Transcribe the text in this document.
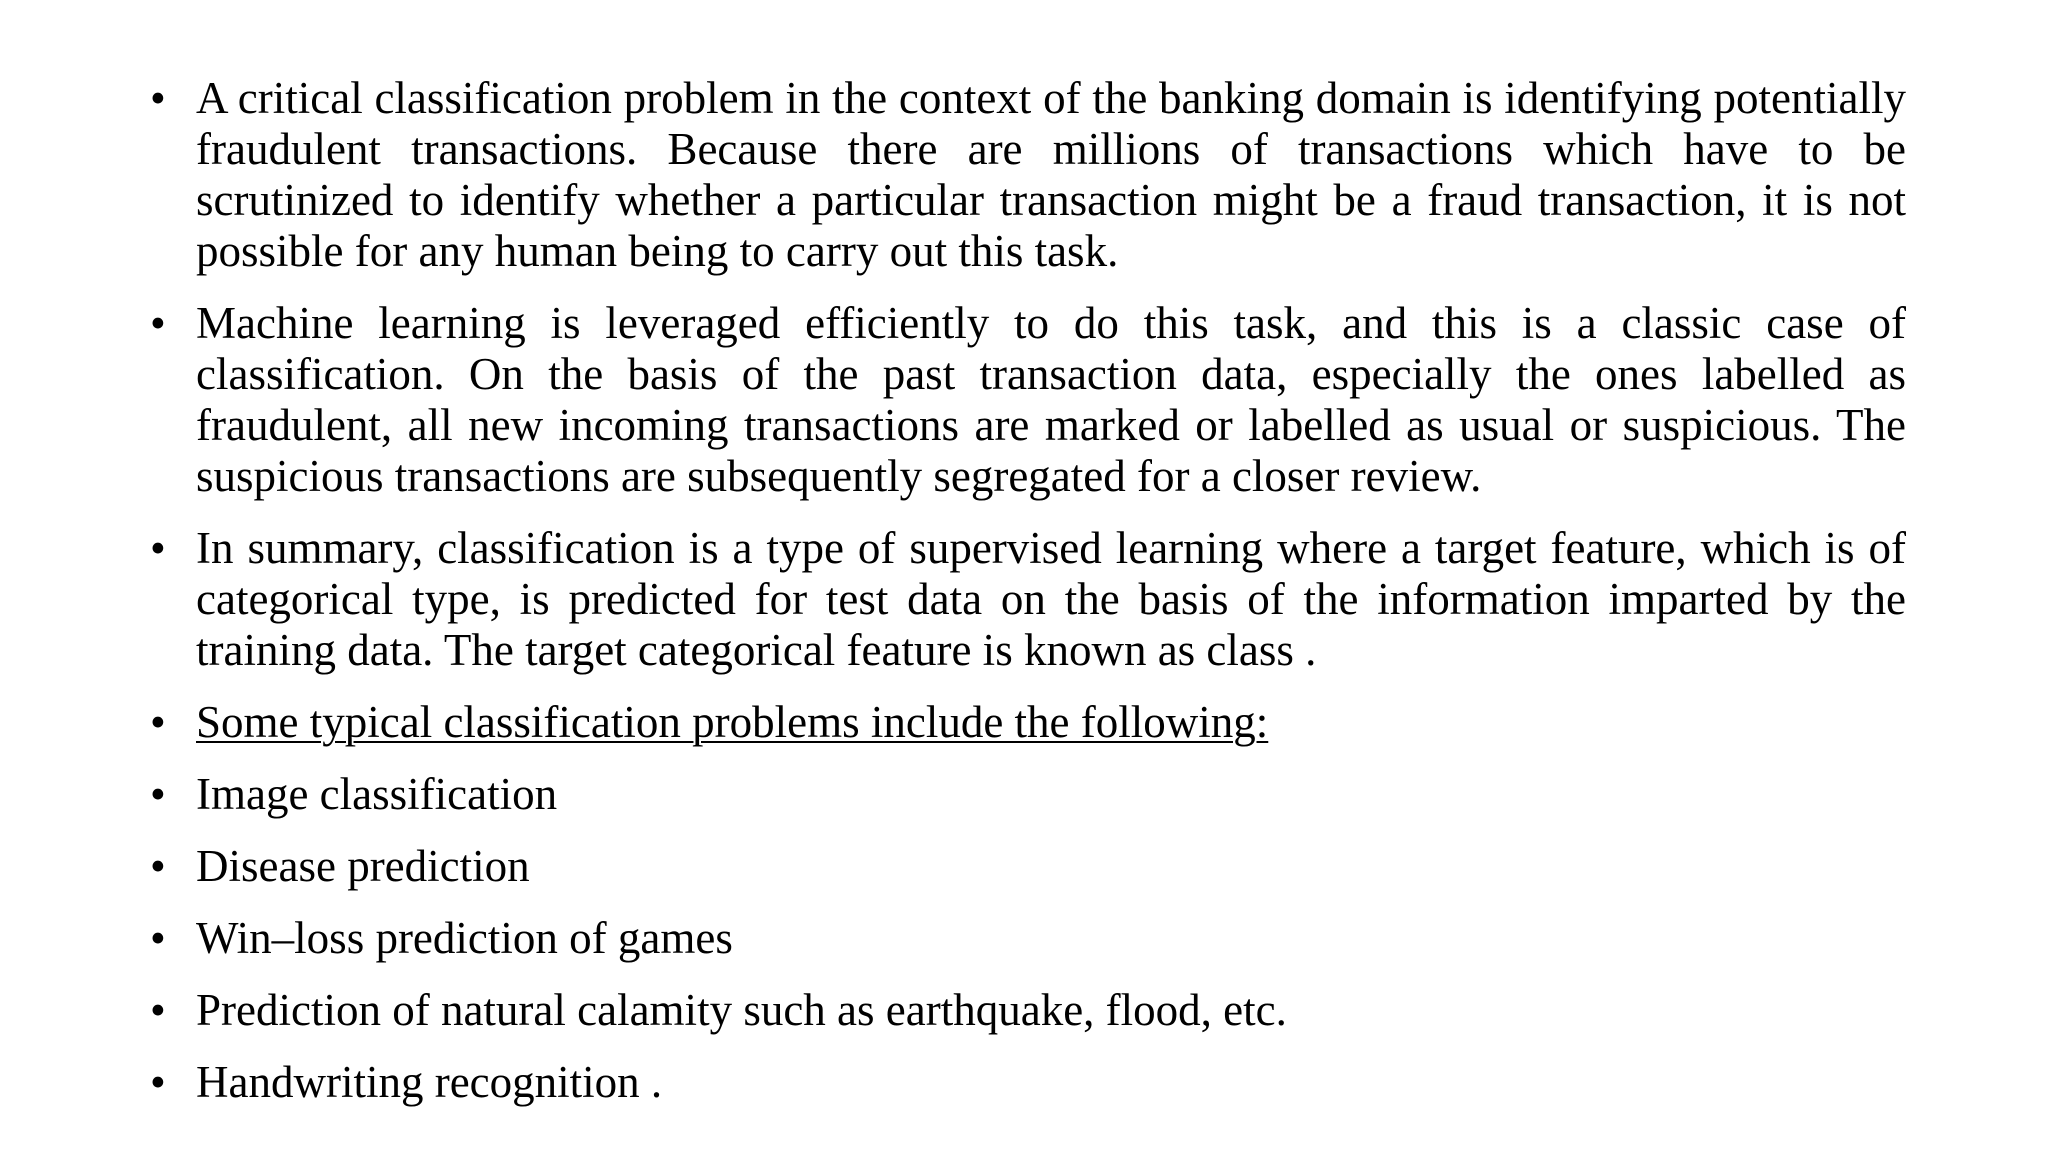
• A critical classification problem in the context of the banking domain is identifying potentially fraudulent transactions. Because there are millions of transactions which have to be scrutinized to identify whether a particular transaction might be a fraud transaction, it is not possible for any human being to carry out this task.
• Machine learning is leveraged efficiently to do this task, and this is a classic case of classification. On the basis of the past transaction data, especially the ones labelled as fraudulent, all new incoming transactions are marked or labelled as usual or suspicious. The suspicious transactions are subsequently segregated for a closer review.
• In summary, classification is a type of supervised learning where a target feature, which is of categorical type, is predicted for test data on the basis of the information imparted by the training data. The target categorical feature is known as class .
• Some typical classification problems include the following:
• Image classification
• Disease prediction
• Win–loss prediction of games
• Prediction of natural calamity such as earthquake, flood, etc.
• Handwriting recognition .
